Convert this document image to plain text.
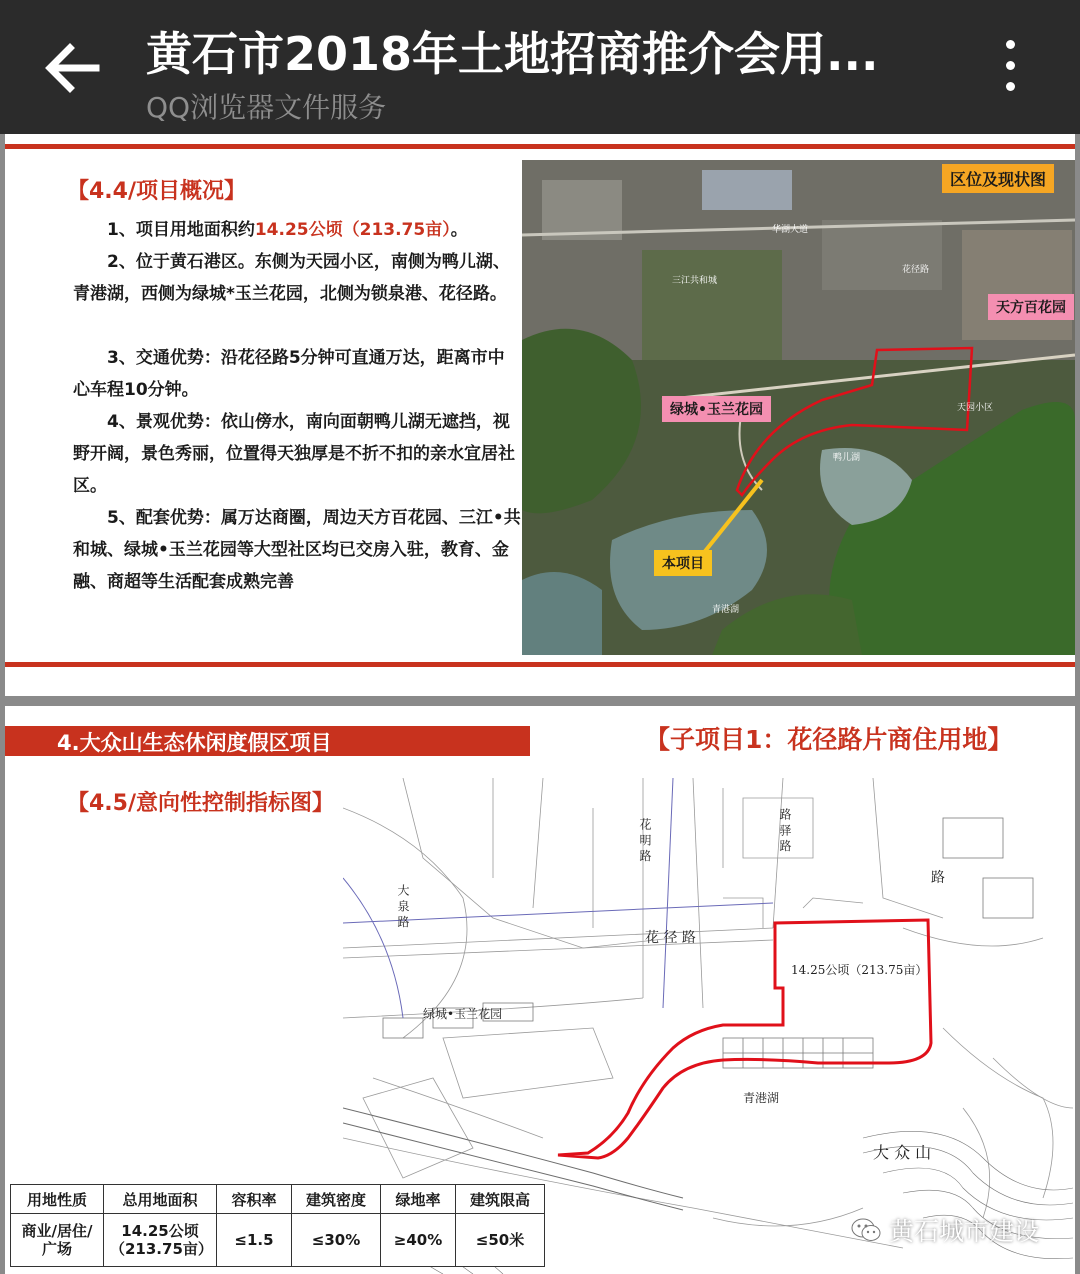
黄石市2018年土地招商推介会用...
QQ浏览器文件服务
【4.4/项目概况】
1、项目用地面积约14.25公顷（213.75亩）。
2、位于黄石港区。东侧为天园小区，南侧为鸭儿湖、青港湖，西侧为绿城*玉兰花园，北侧为锁泉港、花径路。
3、交通优势：沿花径路5分钟可直通万达，距离市中心车程10分钟。
4、景观优势：依山傍水，南向面朝鸭儿湖无遮挡，视野开阔，景色秀丽，位置得天独厚是不折不扣的亲水宜居社区。
5、配套优势：属万达商圈，周边天方百花园、三江•共和城、绿城•玉兰花园等大型社区均已交房入驻，教育、金融、商超等生活配套成熟完善
鸭儿湖
青港湖
天园小区
三江共和城
花径路
华湖大道
区位及现状图
天方百花园
绿城•玉兰花园
本项目
4.大众山生态休闲度假区项目	【子项目1：花径路片商住用地】
【4.5/意向性控制指标图】
14.25公顷（213.75亩）
绿城•玉兰花园
花 径 路
青港湖
大 众 山
路
花 明 路	路 驿 路
大 泉 路
用地性质	总用地面积	容积率	建筑密度	绿地率	建筑限高
商业/居住/广场	14.25公顷（213.75亩）	≤1.5	≤30%	≥40%	≤50米	黄石城市建设
